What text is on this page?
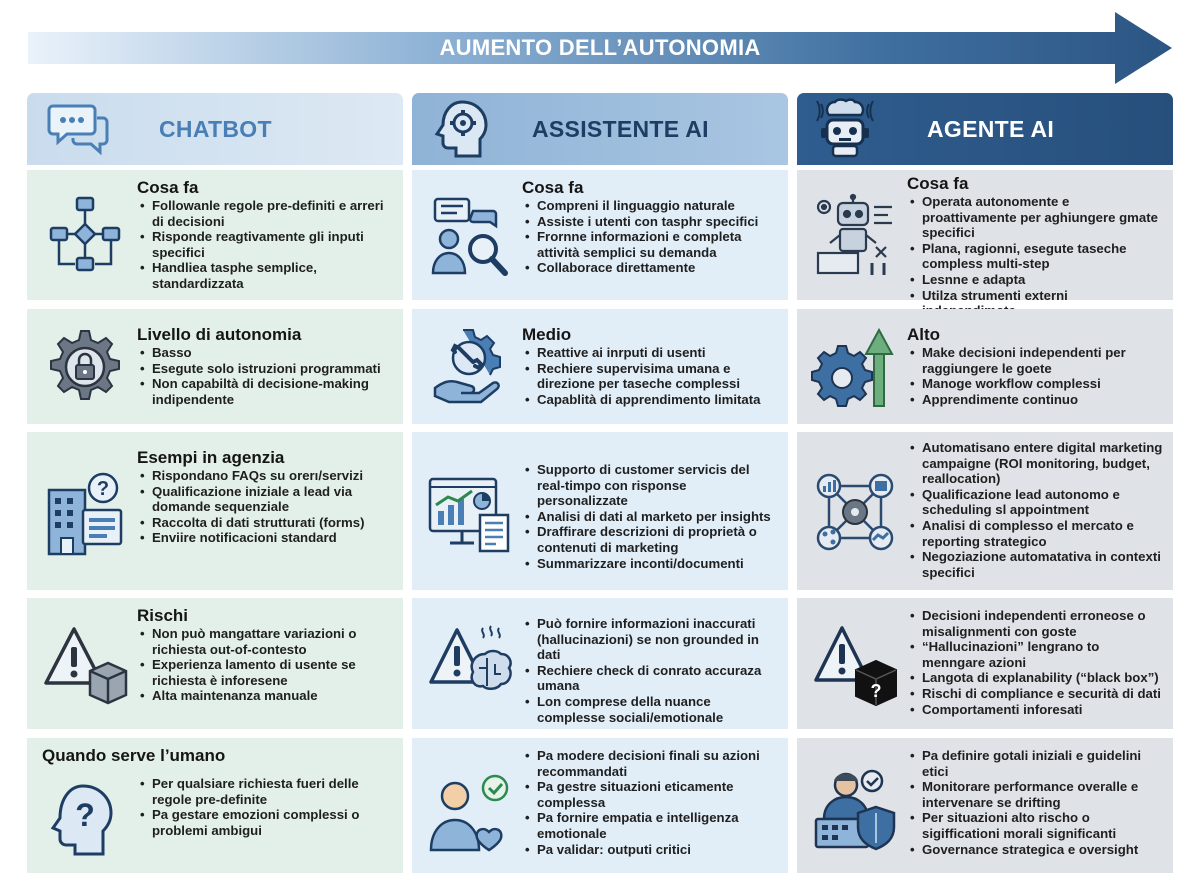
AUMENTO DELL’AUTONOMIA
CHATBOT	ASSISTENTE AI	AGENTE AI
Cosa fa
• Followanle regole pre-definiti e arreri di decisioni
• Risponde reagtivamente gli inputi specifici
• Handliea tasphe semplice, standardizzata
Cosa fa
• Compreni il linguaggio naturale
• Assiste i utenti con tasphr specifici
• Frornne informazioni e completa attività semplici su demanda
• Collaborace direttamente
Cosa fa
• Operata autonomente e proattivamente per aghiungere gmate specifici
• Plana, ragionni, esegute taseche compless multi-step
• Lesnne e adapta
• Utilza strumenti externi
Livello di autonomia
• Basso
• Esegute solo istruzioni programmati
• Non capabiltà di decisione-making indipendente
Medio
• Reattive ai inrputi di usenti
• Rechiere supervisima umana e direzione per taseche complessi
• Capablità di apprendimento limitata
Alto
• Make decisioni independenti per raggiungere le goete
• Manoge workflow complessi
• Apprendimente continuo
?
Esempi in agenzia
• Rispondano FAQs su orerı/servizi
• Qualificazione iniziale a lead via domande sequenziale
• Raccolta di dati strutturati (forms)
• Enviire notificacioni standard
• Supporto di customer servicis del real-timpo con risponse personalizzate
• Analisi di dati al marketo per insights
• Draffirare descrizioni di proprietà o contenuti di marketing
• Summarizzare inconti/documenti
• Automatisano entere digital marketing campaigne (ROI monitoring, budget, reallocation)
• Qualificazione lead autonomo e scheduling sl appointment
• Analisi di complesso el mercato e reporting strategico
• Negoziazione automatativa in contexti specifici
Rischi
• Non può mangattare variazioni o richiesta out-of-contesto
• Experienza lamento di usente se richiesta è inforesene
• Alta maintenanza manuale
• Può fornire informazioni inaccurati (hallucinazioni) se non grounded in dati
• Rechiere check di conrato accuraza umana
• Lon comprese della nuance complesse sociali/emotionale
?
• Decisioni independenti erroneose o misalignmenti con goste
• “Hallucinazioni” lengrano to menngare azioni
• Langota di explanability (“black box”)
• Rischi di compliance e securità di dati
• Comportamenti inforesati
Quando serve l’umano
?
• Per qualsiare richiesta fueri delle regole pre-definite
• Pa gestare emozioni complessi o problemi ambigui
• Pa modere decisioni finali su azioni recommandati
• Pa gestre situazioni eticamente complessa
• Pa fornire empatia e intelligenza emotionale
• Pa validar: outputi critici
• Pa definire gotali iniziali e guidelini etici
• Monitorare performance overalle e intervenare se drifting
• Per situazioni alto rischo o sigifficationi morali significanti
• Governance strategica e oversight
